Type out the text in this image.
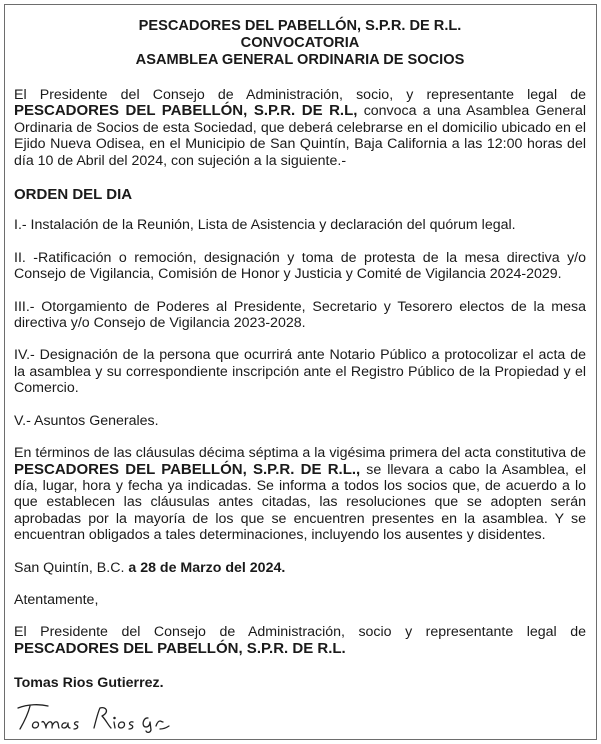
PESCADORES DEL PABELLÓN, S.P.R. DE R.L.
CONVOCATORIA
ASAMBLEA GENERAL ORDINARIA DE SOCIOS

El Presidente del Consejo de Administración, socio, y representante legal de PESCADORES DEL PABELLÓN, S.P.R. DE R.L, convoca a una Asamblea General Ordinaria de Socios de esta Sociedad, que deberá celebrarse en el domicilio ubicado en el Ejido Nueva Odisea, en el Municipio de San Quintín, Baja California a las 12:00 horas del día 10 de Abril del 2024, con sujeción a la siguiente.-

ORDEN DEL DIA

I.- Instalación de la Reunión, Lista de Asistencia y declaración del quórum legal.

II. -Ratificación o remoción, designación y toma de protesta de la mesa directiva y/o Consejo de Vigilancia, Comisión de Honor y Justicia y Comité de Vigilancia 2024-2029.

III.- Otorgamiento de Poderes al Presidente, Secretario y Tesorero electos de la mesa directiva y/o Consejo de Vigilancia 2023-2028.

IV.- Designación de la persona que ocurrirá ante Notario Público a protocolizar el acta de la asamblea y su correspondiente inscripción ante el Registro Público de la Propiedad y el Comercio.

V.- Asuntos Generales.

En términos de las cláusulas décima séptima a la vigésima primera del acta constitutiva de PESCADORES DEL PABELLÓN, S.P.R. DE R.L., se llevara a cabo la Asamblea, el día, lugar, hora y fecha ya indicadas. Se informa a todos los socios que, de acuerdo a lo que establecen las cláusulas antes citadas, las resoluciones que se adopten serán aprobadas por la mayoría de los que se encuentren presentes en la asamblea. Y se encuentran obligados a tales determinaciones, incluyendo los ausentes y disidentes.

San Quintín, B.C. a 28 de Marzo del 2024.

Atentamente,

El Presidente del Consejo de Administración, socio y representante legal de PESCADORES DEL PABELLÓN, S.P.R. DE R.L.

Tomas Rios Gutierrez.
